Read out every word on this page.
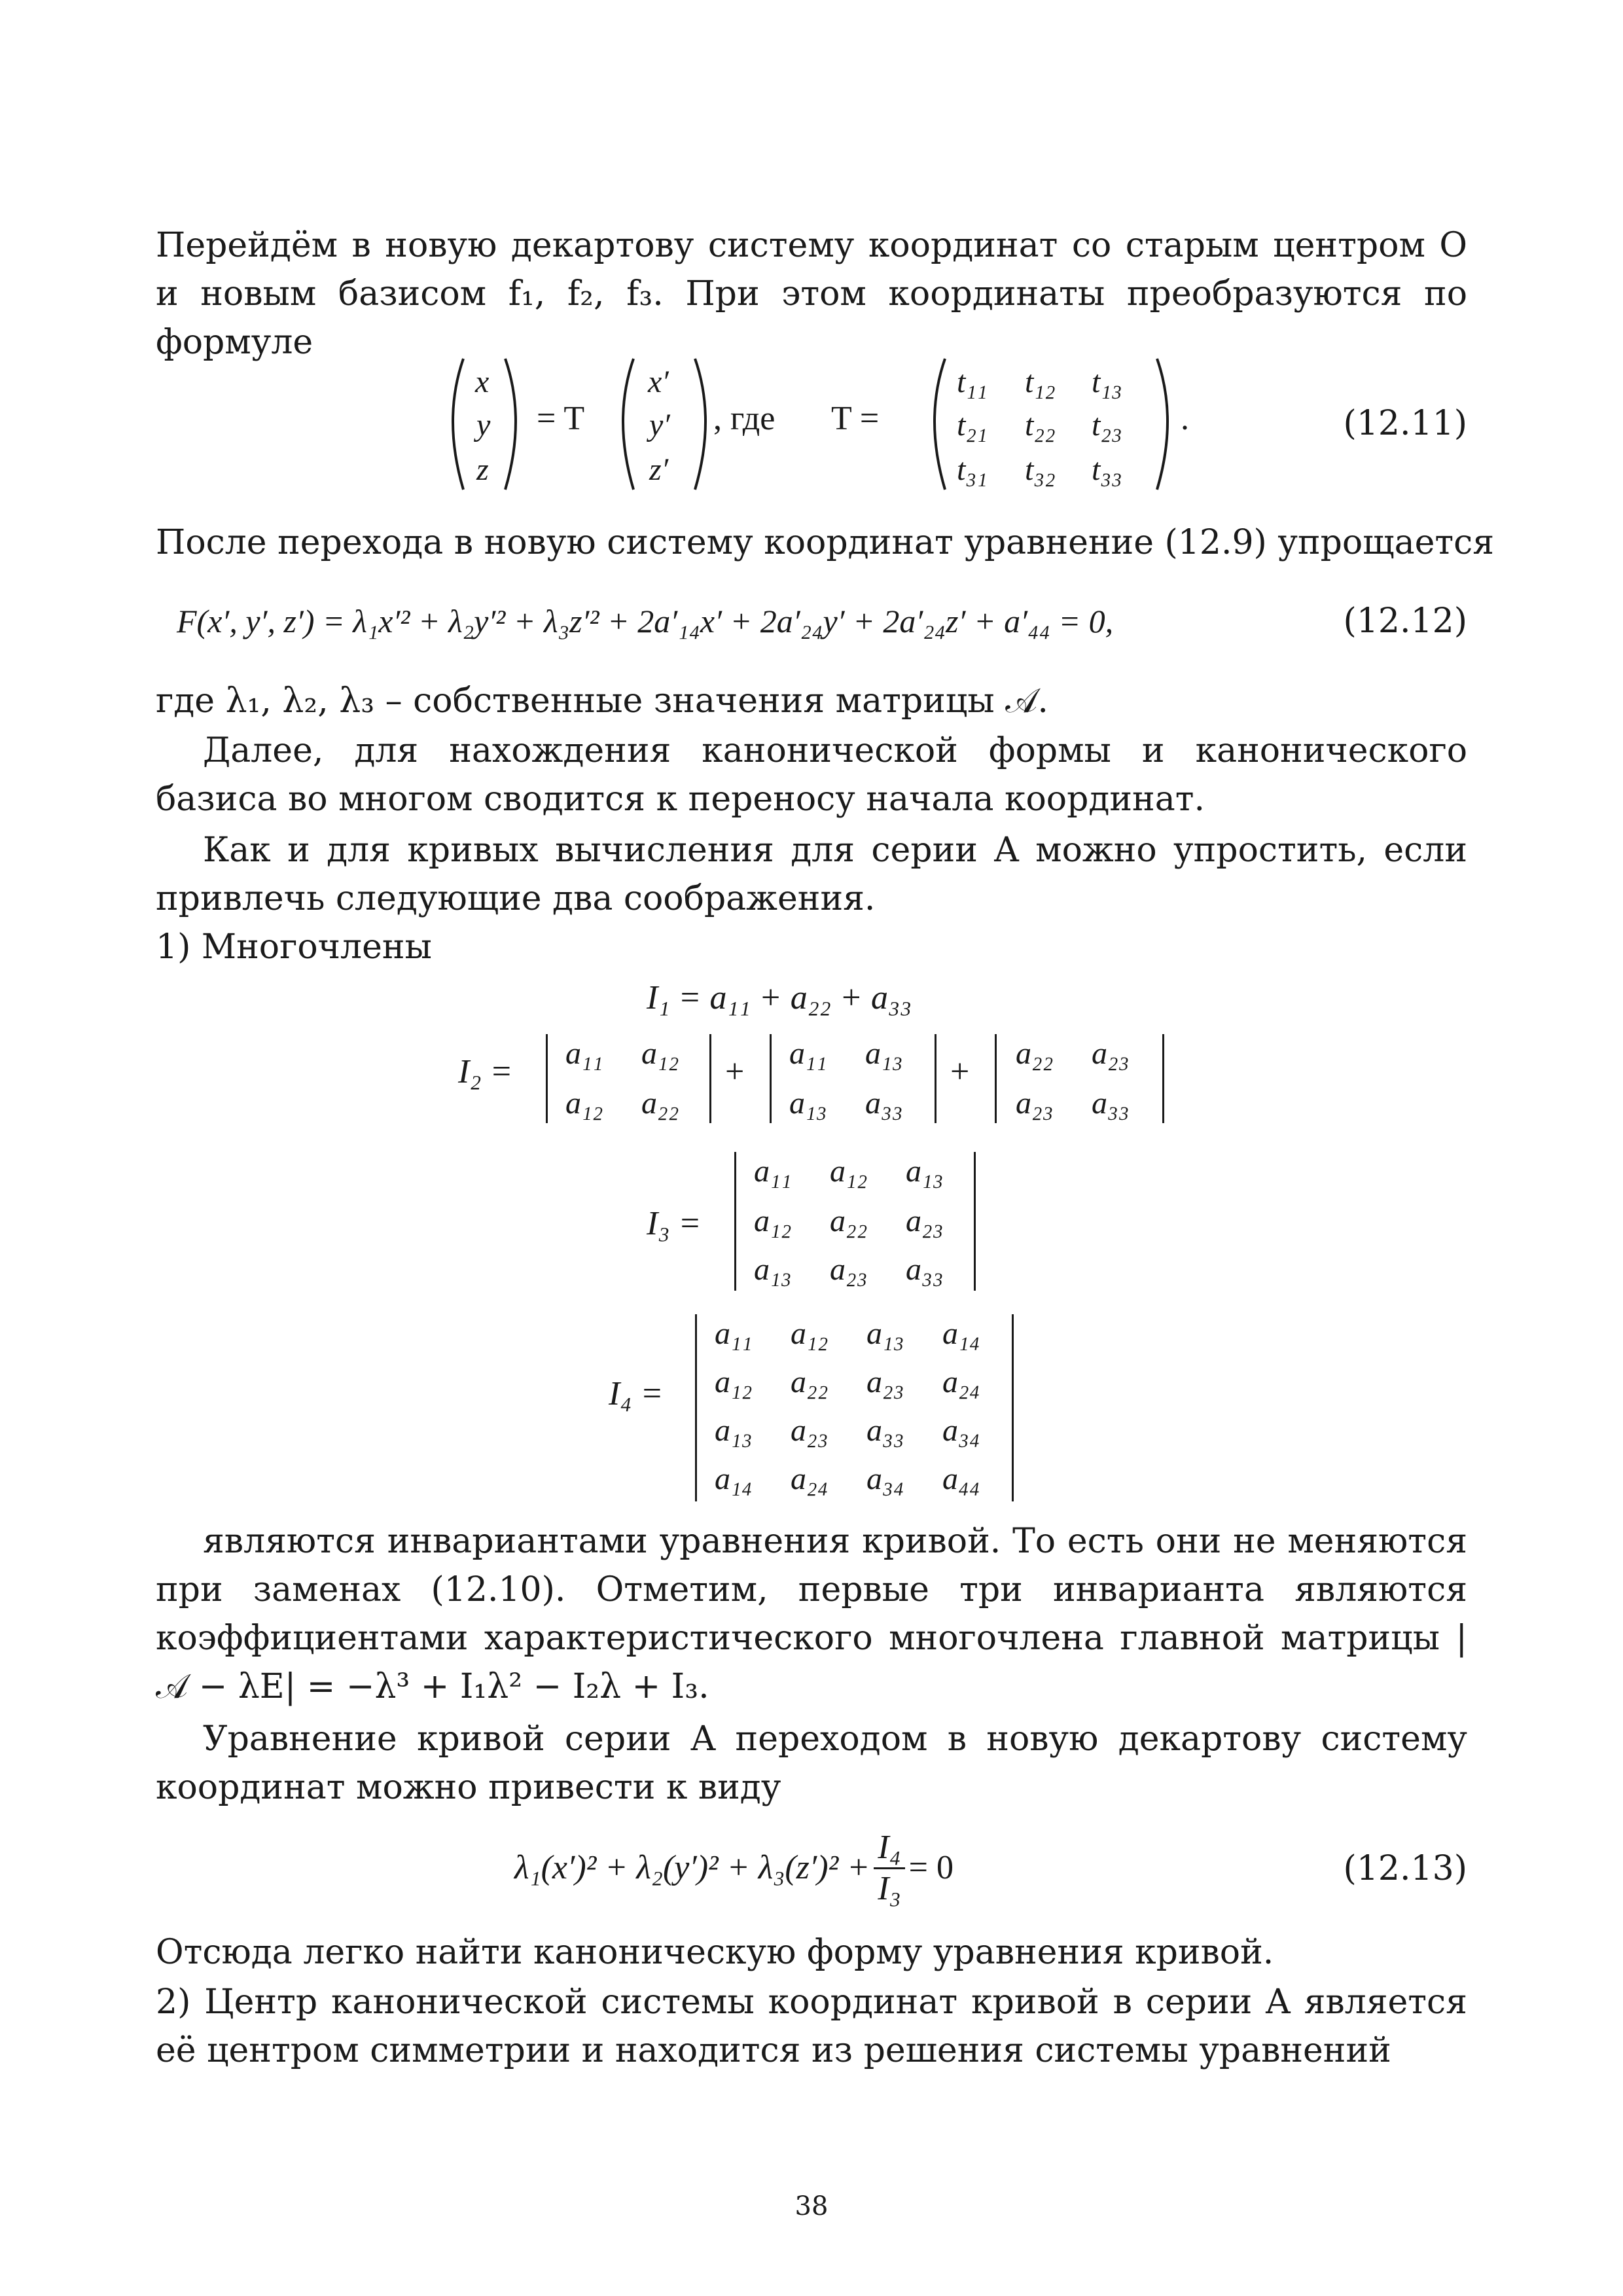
Перейдём в новую декартову систему координат со старым центром O и новым базисом f₁, f₂, f₃. При этом координаты преобразуются по формуле

x
y
z
x′
y′
z′
t₁₁ t₁₂ t₁₃
t₂₁ t₂₂ t₂₃
t₃₁ t₃₂ t₃₃
= T	, где T =	.	(12.11)
После перехода в новую систему координат уравнение (12.9) упрощается
F(x′, y′, z′) = λ₁x′² + λ₂y′² + λ₃z′² + 2a′₁₄x′ + 2a′₂₄y′ + 2a′₂₄z′ + a′₄₄ = 0,	(12.12)
где λ₁, λ₂, λ₃ – собственные значения матрицы 𝒜.

Далее, для нахождения канонической формы и канонического базиса во многом сводится к переносу начала координат.

Как и для кривых вычисления для серии A можно упростить, если привлечь следующие два соображения.

1) Многочлены
I₁ = a₁₁ + a₂₂ + a₃₃
I₂ = a₁₁ a₁₂
a₁₂ a₂₂
+ a₁₁ a₁₃
a₁₃ a₃₃
+ a₂₂ a₂₃
a₂₃ a₃₃
I₃ =
a₁₁ a₁₂ a₁₃
a₁₂ a₂₂ a₂₃
a₁₃ a₂₃ a₃₃
I₄ =
a₁₁ a₁₂ a₁₃ a₁₄
a₁₂ a₂₂ a₂₃ a₂₄
a₁₃ a₂₃ a₃₃ a₃₄
a₁₄ a₂₄ a₃₄ a₄₄

являются инвариантами уравнения кривой. То есть они не меняются при заменах (12.10). Отметим, первые три инварианта являются коэффициентами характеристического многочлена главной матрицы |𝒜 − λE| = −λ³ + I₁λ² − I₂λ + I₃.

Уравнение кривой серии A переходом в новую декартову систему координат можно привести к виду

$\lambda_1(x')^2 + \lambda_2(y')^2 + \lambda_3(z')^2 + \frac{\text{I₄}}{\text{I₃}} = 0$	(12.13)
Отсюда легко найти каноническую форму уравнения кривой.

2) Центр канонической системы координат кривой в серии A является её центром симметрии и находится из решения системы уравнений

38
